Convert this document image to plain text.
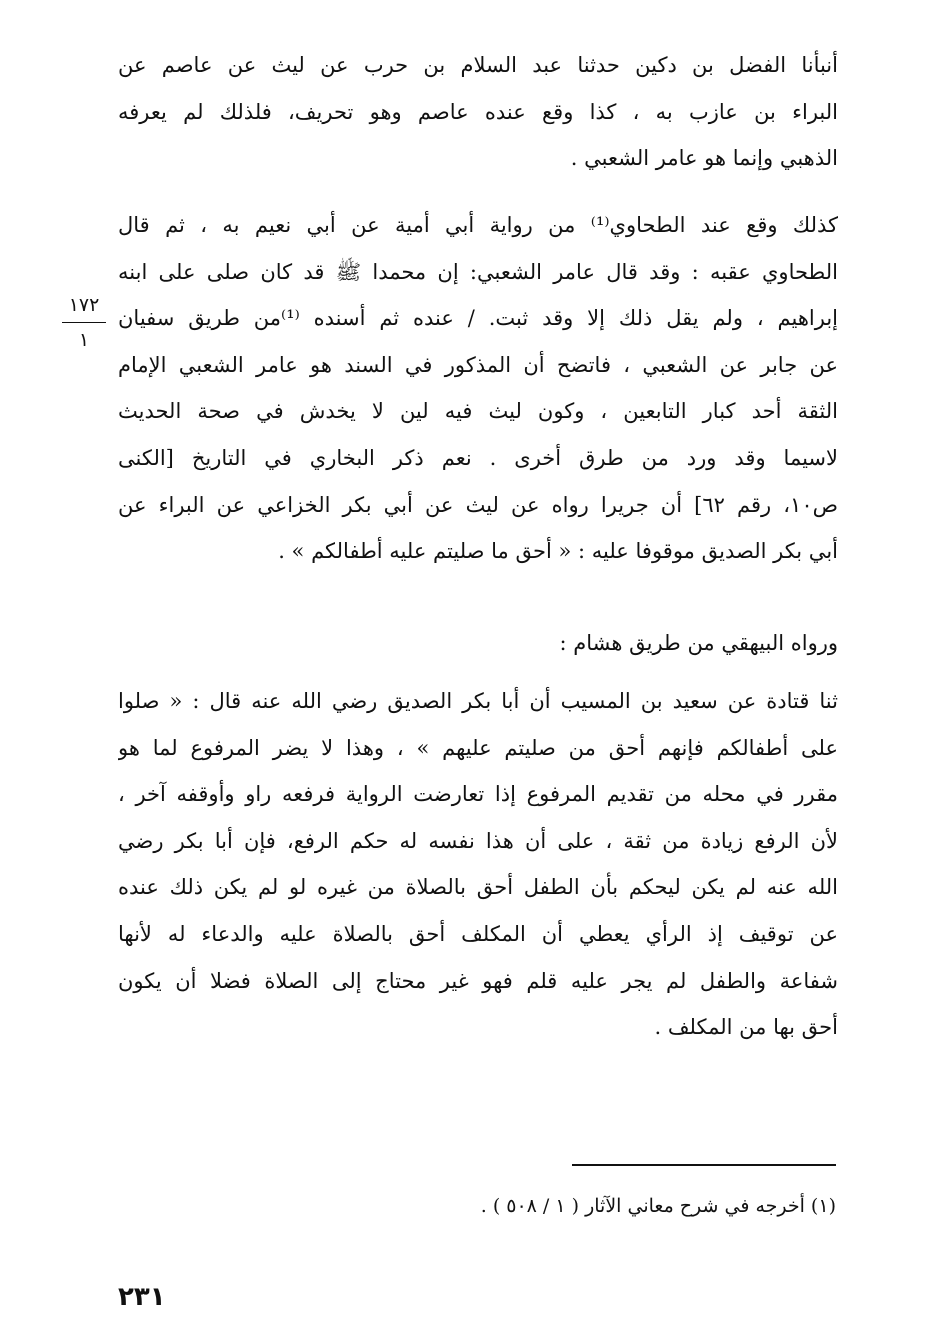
أنبأنا الفضل بن دكين حدثنا عبد السلام بن حرب عن ليث عن عاصم عن
البراء بن عازب به ، كذا وقع عنده عاصم وهو تحريف، فلذلك لم يعرفه
الذهبي وإنما هو عامر الشعبي .
كذلك وقع عند الطحاوي⁽¹⁾ من رواية أبي أمية عن أبي نعيم به ، ثم قال
الطحاوي عقبه : وقد قال عامر الشعبي: إن محمدا ﷺ قد كان صلى على ابنه
إبراهيم ، ولم يقل ذلك إلا وقد ثبت. / عنده ثم أسنده ⁽¹⁾من طريق سفيان
عن جابر عن الشعبي ، فاتضح أن المذكور في السند هو عامر الشعبي الإمام
الثقة أحد كبار التابعين ، وكون ليث فيه لين لا يخدش في صحة الحديث
لاسيما وقد ورد من طرق أخرى . نعم ذكر البخاري في التاريخ [الكنى
ص١٠، رقم ٦٢] أن جريرا رواه عن ليث عن أبي بكر الخزاعي عن البراء عن
أبي بكر الصديق موقوفا عليه : « أحق ما صليتم عليه أطفالكم » .
ورواه البيهقي من طريق هشام :
ثنا قتادة عن سعيد بن المسيب أن أبا بكر الصديق رضي الله عنه قال : « صلوا
على أطفالكم فإنهم أحق من صليتم عليهم » ، وهذا لا يضر المرفوع لما هو
مقرر في محله من تقديم المرفوع إذا تعارضت الرواية فرفعه راو وأوقفه آخر ،
لأن الرفع زيادة من ثقة ، على أن هذا نفسه له حكم الرفع، فإن أبا بكر رضي
الله عنه لم يكن ليحكم بأن الطفل أحق بالصلاة من غيره لو لم يكن ذلك عنده
عن توقيف إذ الرأي يعطي أن المكلف أحق بالصلاة عليه والدعاء له لأنها
شفاعة والطفل لم يجر عليه قلم فهو غير محتاج إلى الصلاة فضلا أن يكون
أحق بها من المكلف .
١٧٢
١
(١) أخرجه في شرح معاني الآثار ( ١ / ٥٠٨ ) .
٢٣١
